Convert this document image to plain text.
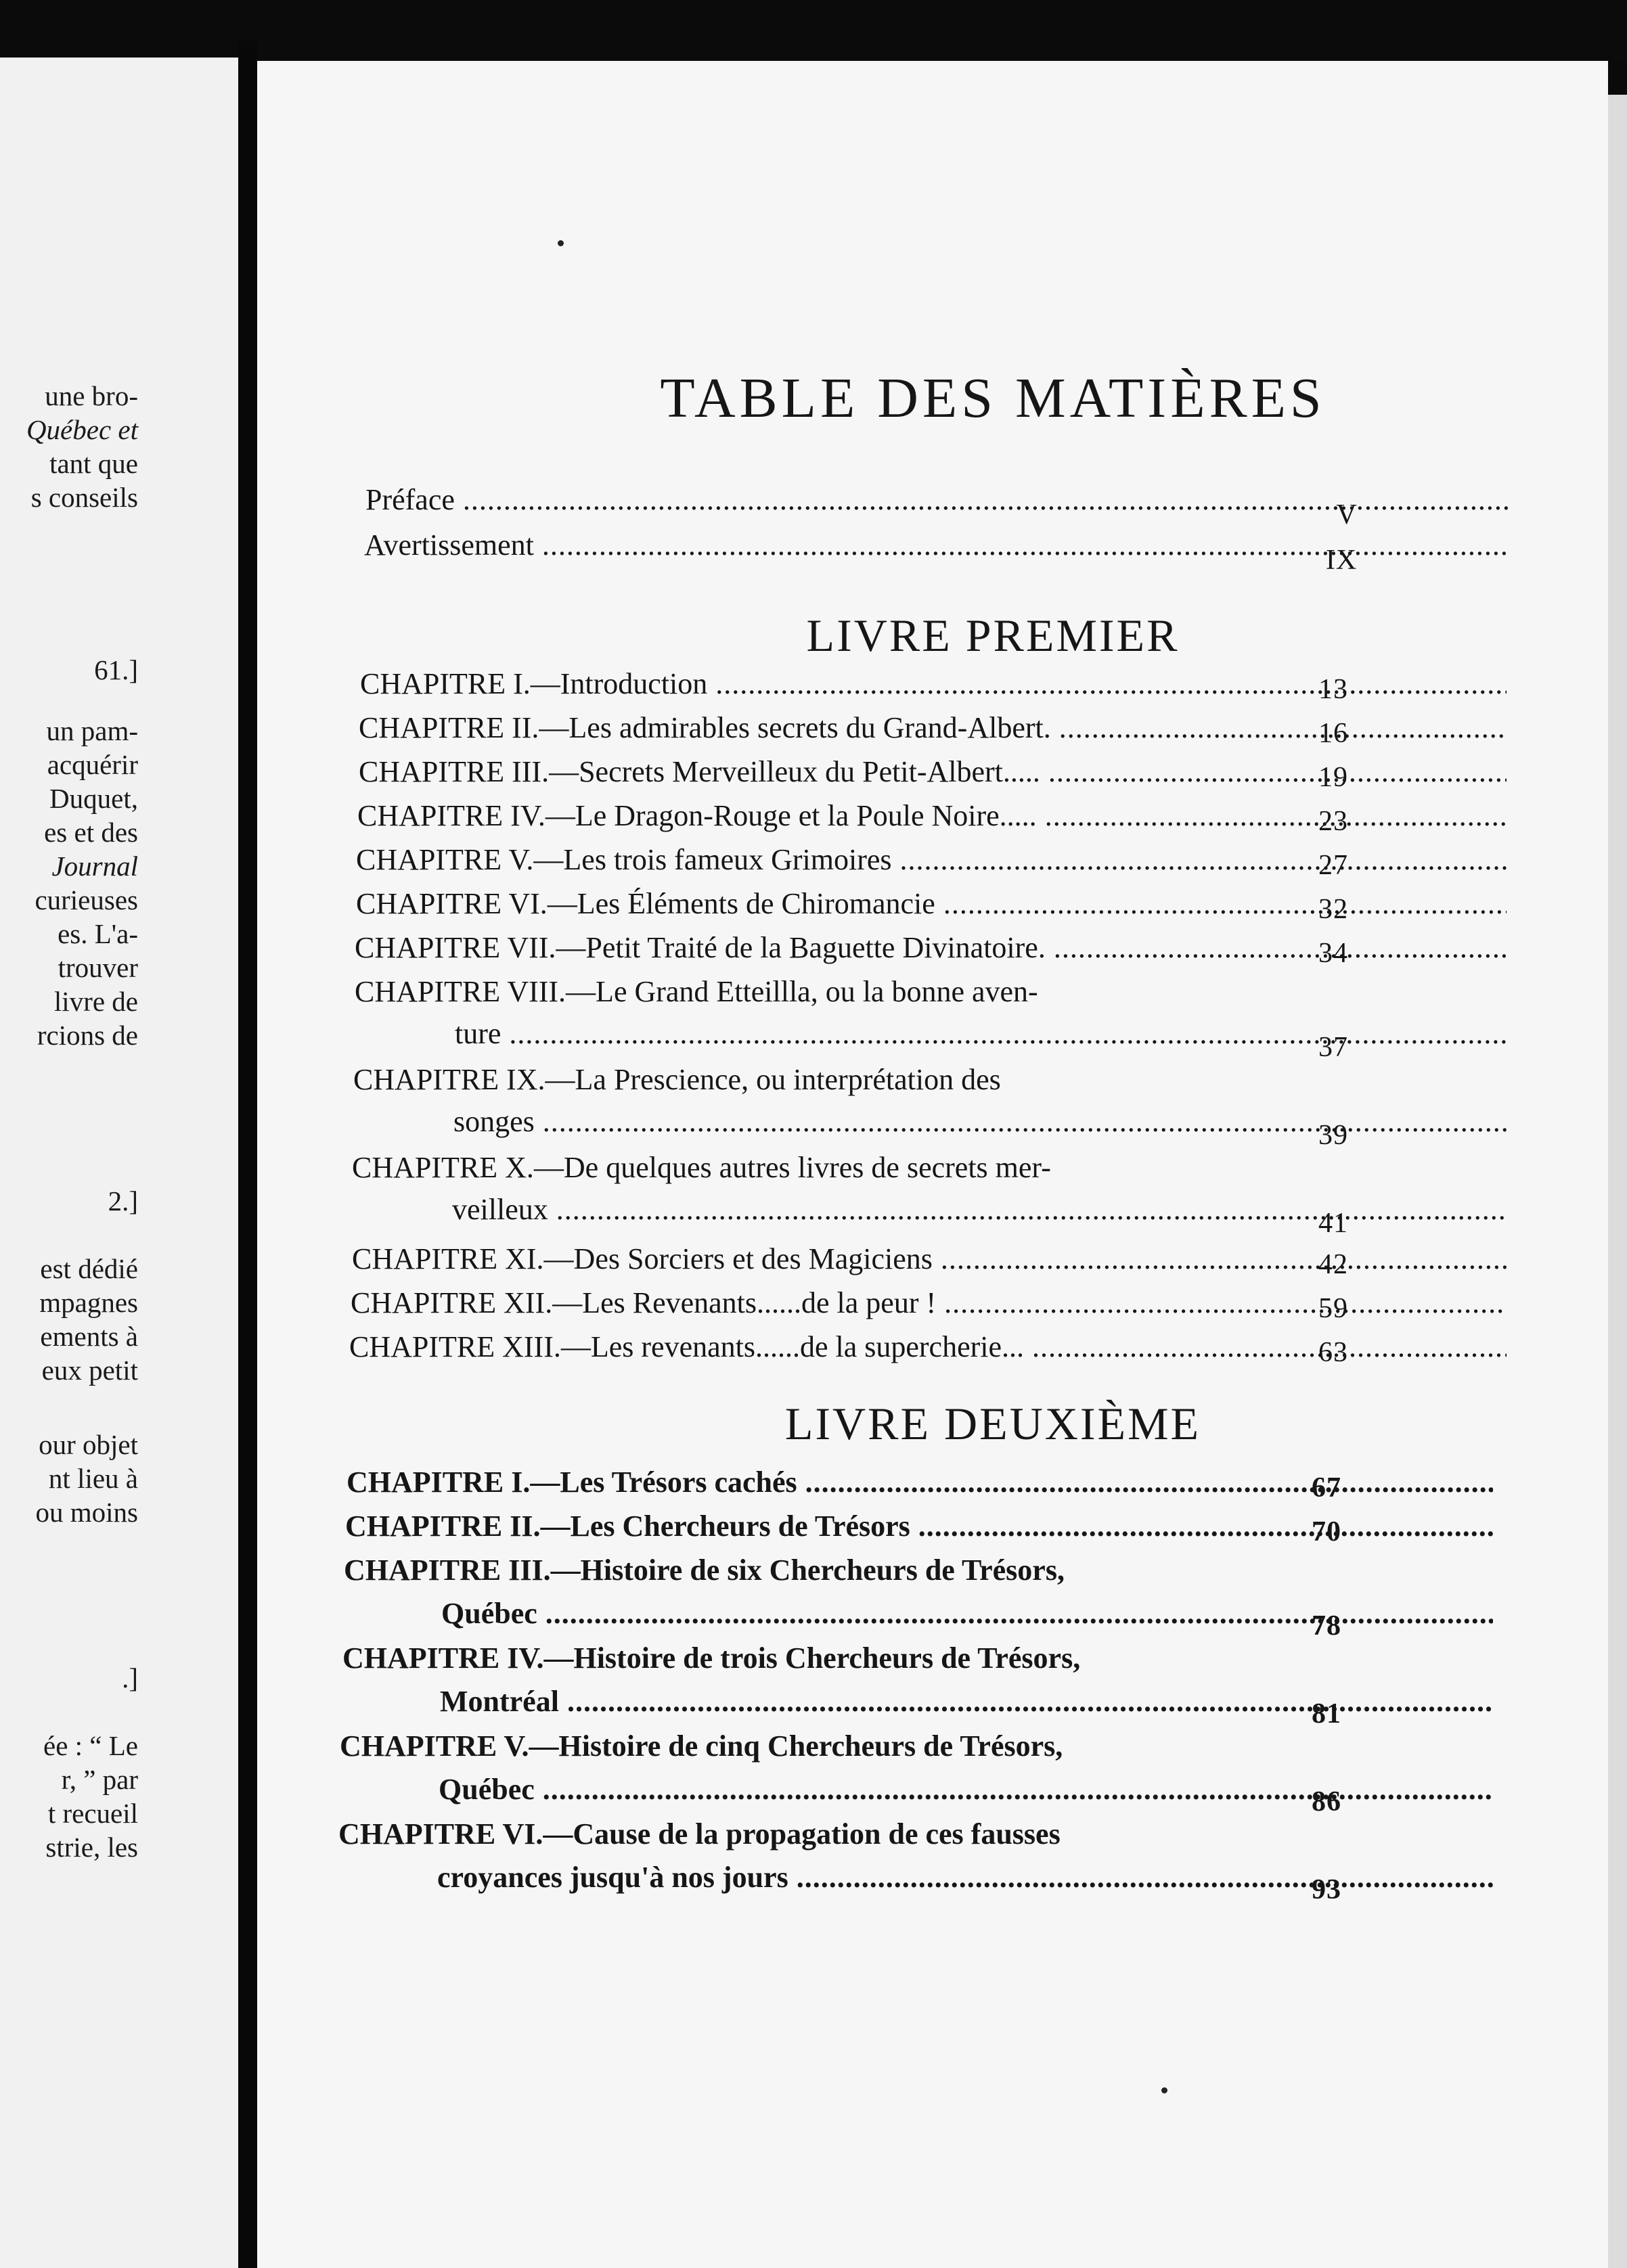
une bro-
Québec et
tant que
s conseils
61.]
un pam-
acquérir
Duquet,
es et des
Journal
curieuses
es. L'a-
trouver
livre de
rcions de
2.]
est dédié
mpagnes
ements à
eux petit
our objet
nt lieu à
ou moins
.]
ée : “ Le
r, ” par
t recueil
strie, les
TABLE DES MATIÈRES
Préface .....	V
Avertissement .....	IX
LIVRE PREMIER
CHAPITRE I.—Introduction .....	13
CHAPITRE II.—Les admirables secrets du Grand-Albert. .....	16
CHAPITRE III.—Secrets Merveilleux du Petit-Albert..... .....	19
CHAPITRE IV.—Le Dragon-Rouge et la Poule Noire..... .....	23
CHAPITRE V.—Les trois fameux Grimoires .....	27
CHAPITRE VI.—Les Éléments de Chiromancie .....	32
CHAPITRE VII.—Petit Traité de la Baguette Divinatoire. .....	34
CHAPITRE VIII.—Le Grand Etteillla, ou la bonne aven-
ture .....	37
CHAPITRE IX.—La Prescience, ou interprétation des
songes .....	39
CHAPITRE X.—De quelques autres livres de secrets mer-
veilleux .....	41
CHAPITRE XI.—Des Sorciers et des Magiciens .....	42
CHAPITRE XII.—Les Revenants......de la peur ! .....	59
CHAPITRE XIII.—Les revenants......de la supercherie... .....	63
LIVRE DEUXIÈME
CHAPITRE I.—Les Trésors cachés .....	67
CHAPITRE II.—Les Chercheurs de Trésors .....	70
CHAPITRE III.—Histoire de six Chercheurs de Trésors,
Québec .....	78
CHAPITRE IV.—Histoire de trois Chercheurs de Trésors,
Montréal .....	81
CHAPITRE V.—Histoire de cinq Chercheurs de Trésors,
Québec .....	86
CHAPITRE VI.—Cause de la propagation de ces fausses
croyances jusqu'à nos jours .....	93
